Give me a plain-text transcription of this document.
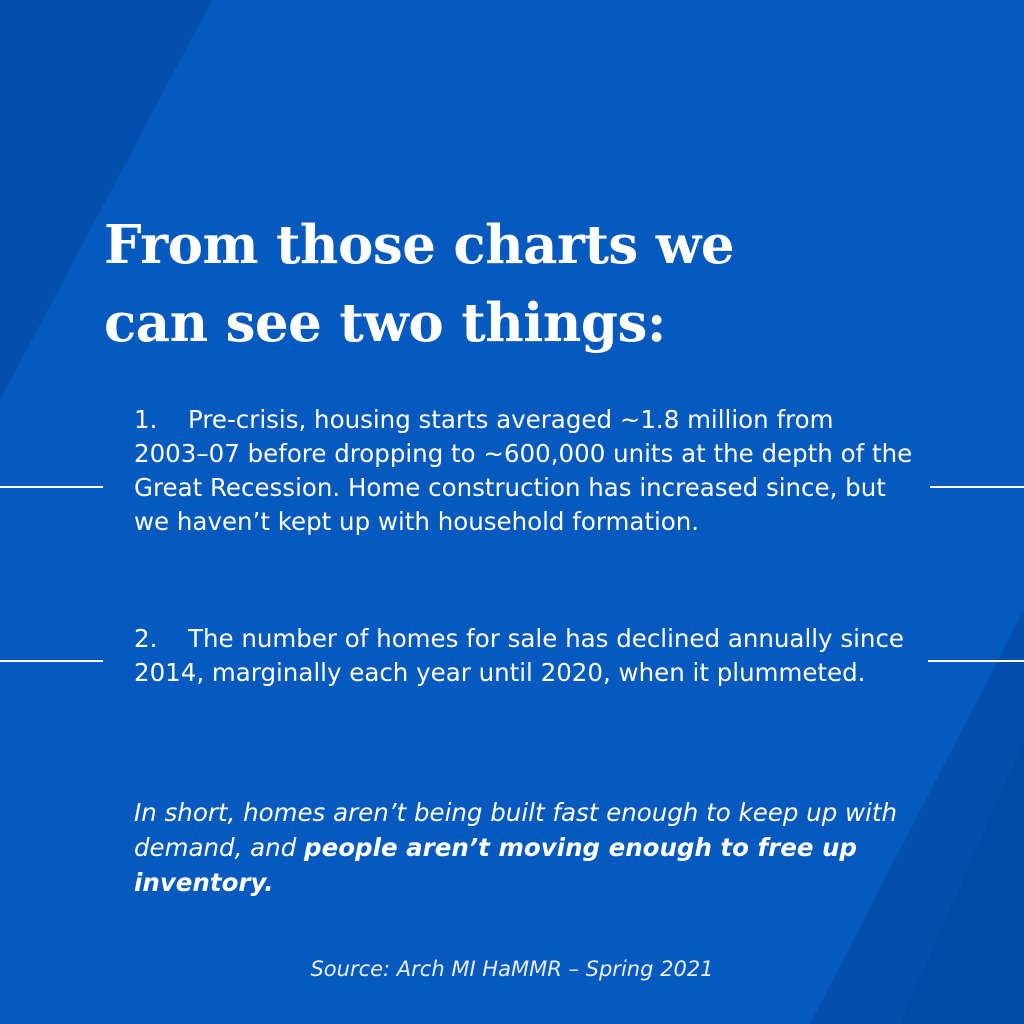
From those charts we
can see two things:

1. Pre-crisis, housing starts averaged ~1.8 million from 2003–07 before dropping to ~600,000 units at the depth of the Great Recession. Home construction has increased since, but we haven’t kept up with household formation.

2. The number of homes for sale has declined annually since 2014, marginally each year until 2020, when it plummeted.

In short, homes aren’t being built fast enough to keep up with demand, and people aren’t moving enough to free up inventory.

Source: Arch MI HaMMR – Spring 2021
